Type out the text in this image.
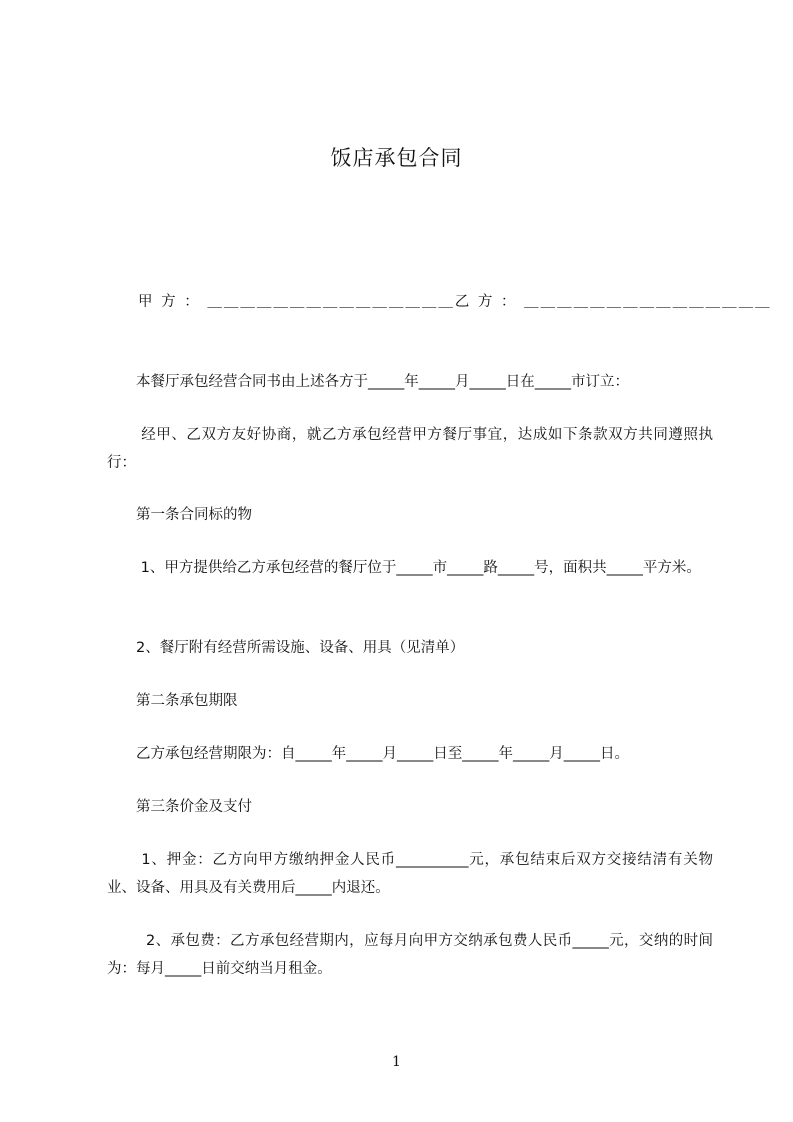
饭店承包合同
甲 方 ： ＿＿＿＿＿＿＿＿＿＿＿＿＿＿＿乙 方 ： ＿＿＿＿＿＿＿＿＿＿＿＿＿＿＿
本餐厅承包经营合同书由上述各方于_____年_____月_____日在_____市订立：
经甲、乙双方友好协商，就乙方承包经营甲方餐厅事宜，达成如下条款双方共同遵照执行：
第一条合同标的物
1、甲方提供给乙方承包经营的餐厅位于_____市_____路_____号，面积共_____平方米。
2、餐厅附有经营所需设施、设备、用具（见清单）
第二条承包期限
乙方承包经营期限为：自_____年_____月_____日至_____年_____月_____日。
第三条价金及支付
1、押金：乙方向甲方缴纳押金人民币__________元，承包结束后双方交接结清有关物业、设备、用具及有关费用后_____内退还。
2、承包费：乙方承包经营期内，应每月向甲方交纳承包费人民币_____元，交纳的时间为：每月_____日前交纳当月租金。
1
